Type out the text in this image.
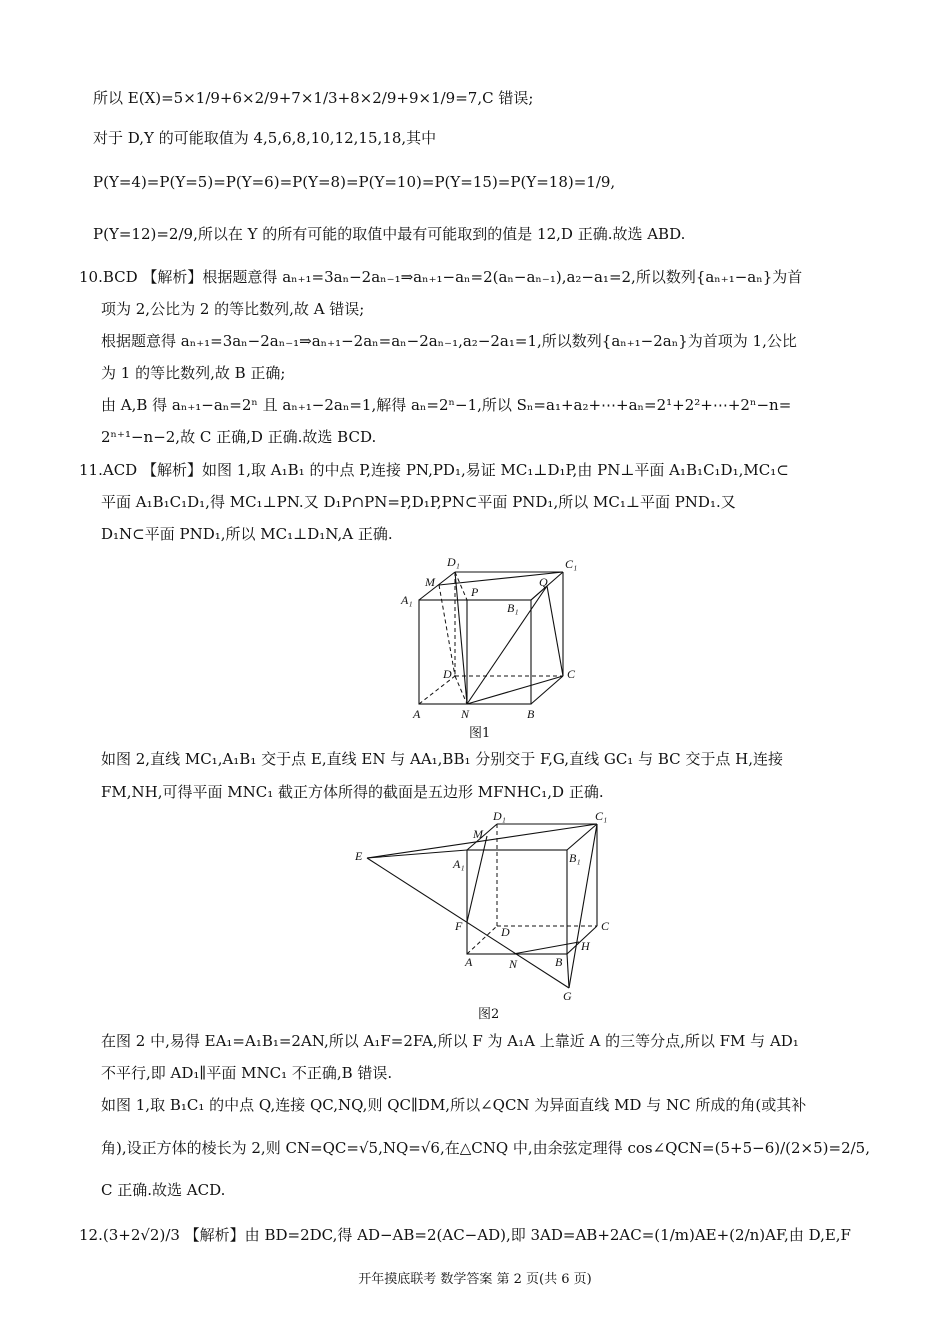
所以 E(X)=5×1/9+6×2/9+7×1/3+8×2/9+9×1/9=7,C 错误;
对于 D,Y 的可能取值为 4,5,6,8,10,12,15,18,其中
P(Y=4)=P(Y=5)=P(Y=6)=P(Y=8)=P(Y=10)=P(Y=15)=P(Y=18)=1/9,
P(Y=12)=2/9,所以在 Y 的所有可能的取值中最有可能取到的值是 12,D 正确.故选 ABD.
10.BCD 【解析】根据题意得 aₙ₊₁=3aₙ−2aₙ₋₁⇒aₙ₊₁−aₙ=2(aₙ−aₙ₋₁),a₂−a₁=2,所以数列{aₙ₊₁−aₙ}为首
项为 2,公比为 2 的等比数列,故 A 错误;
根据题意得 aₙ₊₁=3aₙ−2aₙ₋₁⇒aₙ₊₁−2aₙ=aₙ−2aₙ₋₁,a₂−2a₁=1,所以数列{aₙ₊₁−2aₙ}为首项为 1,公比
为 1 的等比数列,故 B 正确;
由 A,B 得 aₙ₊₁−aₙ=2ⁿ 且 aₙ₊₁−2aₙ=1,解得 aₙ=2ⁿ−1,所以 Sₙ=a₁+a₂+⋯+aₙ=2¹+2²+⋯+2ⁿ−n=
2ⁿ⁺¹−n−2,故 C 正确,D 正确.故选 BCD.
11.ACD 【解析】如图 1,取 A₁B₁ 的中点 P,连接 PN,PD₁,易证 MC₁⊥D₁P,由 PN⊥平面 A₁B₁C₁D₁,MC₁⊂
平面 A₁B₁C₁D₁,得 MC₁⊥PN.又 D₁P∩PN=P,D₁P,PN⊂平面 PND₁,所以 MC₁⊥平面 PND₁.又
D₁N⊂平面 PND₁,所以 MC₁⊥D₁N,A 正确.
D₁	C₁
M	Q
A₁
P
B₁
D	C
A	N	B
图1
如图 2,直线 MC₁,A₁B₁ 交于点 E,直线 EN 与 AA₁,BB₁ 分别交于 F,G,直线 GC₁ 与 BC 交于点 H,连接
FM,NH,可得平面 MNC₁ 截正方体所得的截面是五边形 MFNHC₁,D 正确.
D₁	C₁
M
E
A₁	B₁
F	D	C
H
A	N	B
G
图2
在图 2 中,易得 EA₁=A₁B₁=2AN,所以 A₁F=2FA,所以 F 为 A₁A 上靠近 A 的三等分点,所以 FM 与 AD₁
不平行,即 AD₁∥平面 MNC₁ 不正确,B 错误.
如图 1,取 B₁C₁ 的中点 Q,连接 QC,NQ,则 QC∥DM,所以∠QCN 为异面直线 MD 与 NC 所成的角(或其补
角),设正方体的棱长为 2,则 CN=QC=√5,NQ=√6,在△CNQ 中,由余弦定理得 cos∠QCN=(5+5−6)/(2×5)=2/5,
C 正确.故选 ACD.
12.(3+2√2)/3 【解析】由 BD=2DC,得 AD−AB=2(AC−AD),即 3AD=AB+2AC=(1/m)AE+(2/n)AF,由 D,E,F
开年摸底联考 数学答案 第 2 页(共 6 页)
